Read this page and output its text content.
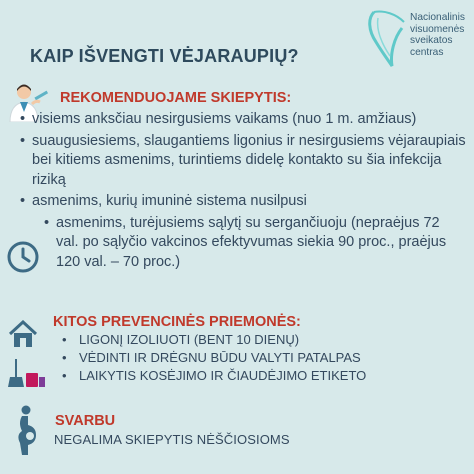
KAIP IŠVENGTI VĖJARAUPIŲ?
Nacionalinis
visuomenės
sveikatos
centras
REKOMENDUOJAME SKIEPYTIS:
• visiems anksčiau nesirgusiems vaikams (nuo 1 m. amžiaus)
• suaugusiesiems, slaugantiems ligonius ir nesirgusiems vėjaraupiais bei kitiems asmenims, turintiems didelę kontakto su šia infekcija riziką
• asmenims, kurių imuninė sistema nusilpusi
• asmenims, turėjusiems sąlytį su sergančiuoju (nepraėjus 72 val. po sąlyčio vakcinos efektyvumas siekia 90 proc., praėjus 120 val. – 70 proc.)
KITOS PREVENCINĖS PRIEMONĖS:
• LIGONĮ IZOLIUOTI (BENT 10 DIENŲ)
• VĖDINTI IR DRĖGNU BŪDU VALYTI PATALPAS
• LAIKYTIS KOSĖJIMO IR ČIAUDĖJIMO ETIKETO
SVARBU
NEGALIMA SKIEPYTIS NĖŠČIOSIOMS
